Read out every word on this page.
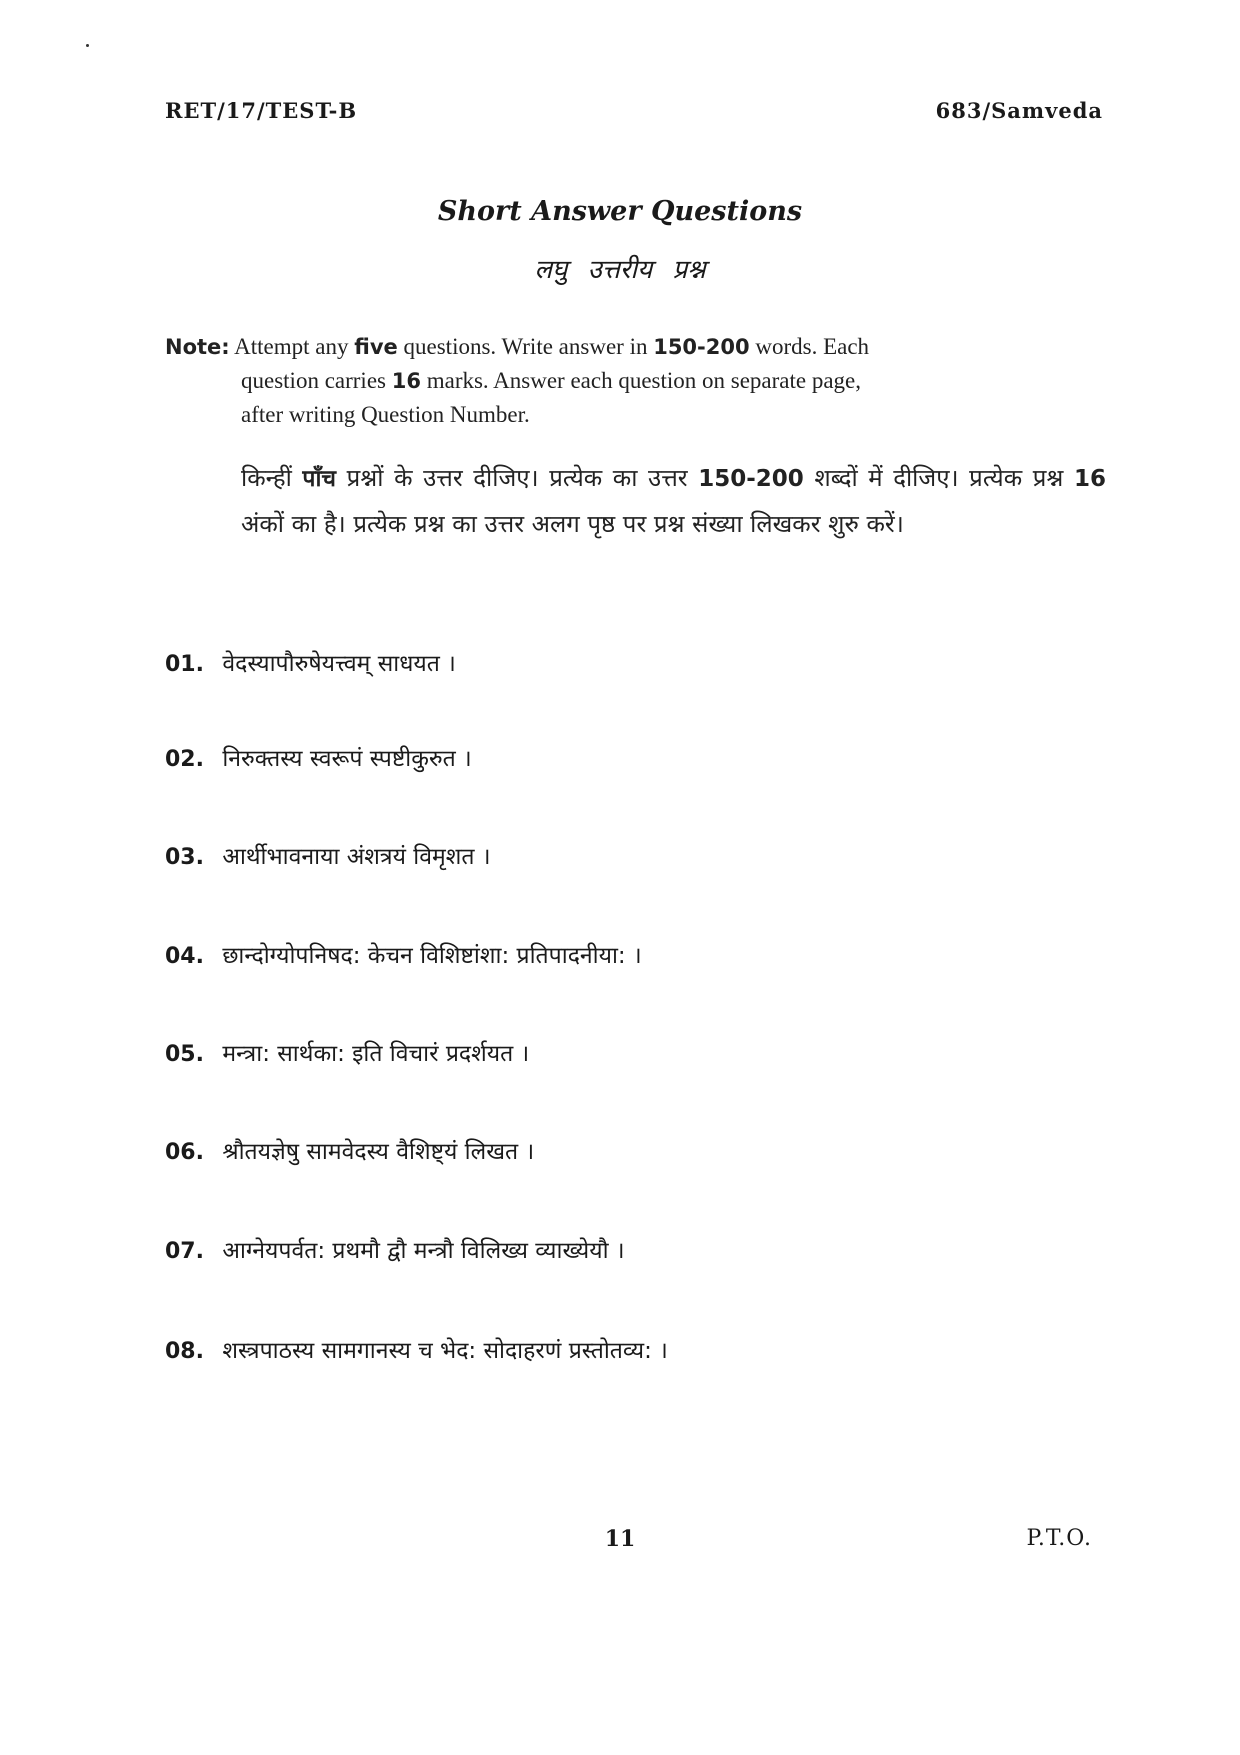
RET/17/TEST-B	683/Samveda
Short Answer Questions
लघु उत्तरीय प्रश्न
Note: Attempt any five questions. Write answer in 150-200 words. Each
question carries 16 marks. Answer each question on separate page,
after writing Question Number.
किन्हीं पाँच प्रश्नों के उत्तर दीजिए। प्रत्येक का उत्तर 150-200 शब्दों में दीजिए। प्रत्येक प्रश्न 16 अंकों का है। प्रत्येक प्रश्न का उत्तर अलग पृष्ठ पर प्रश्न संख्या लिखकर शुरु करें।
01. वेदस्यापौरुषेयत्त्वम् साधयत ।
02. निरुक्तस्य स्वरूपं स्पष्टीकुरुत ।
03. आर्थीभावनाया अंशत्रयं विमृशत ।
04. छान्दोग्योपनिषद: केचन विशिष्टांशा: प्रतिपादनीया: ।
05. मन्त्रा: सार्थका: इति विचारं प्रदर्शयत ।
06. श्रौतयज्ञेषु सामवेदस्य वैशिष्ट्यं लिखत ।
07. आग्नेयपर्वत: प्रथमौ द्वौ मन्त्रौ विलिख्य व्याख्येयौ ।
08. शस्त्रपाठस्य सामगानस्य च भेद: सोदाहरणं प्रस्तोतव्य: ।
11	P.T.O.
